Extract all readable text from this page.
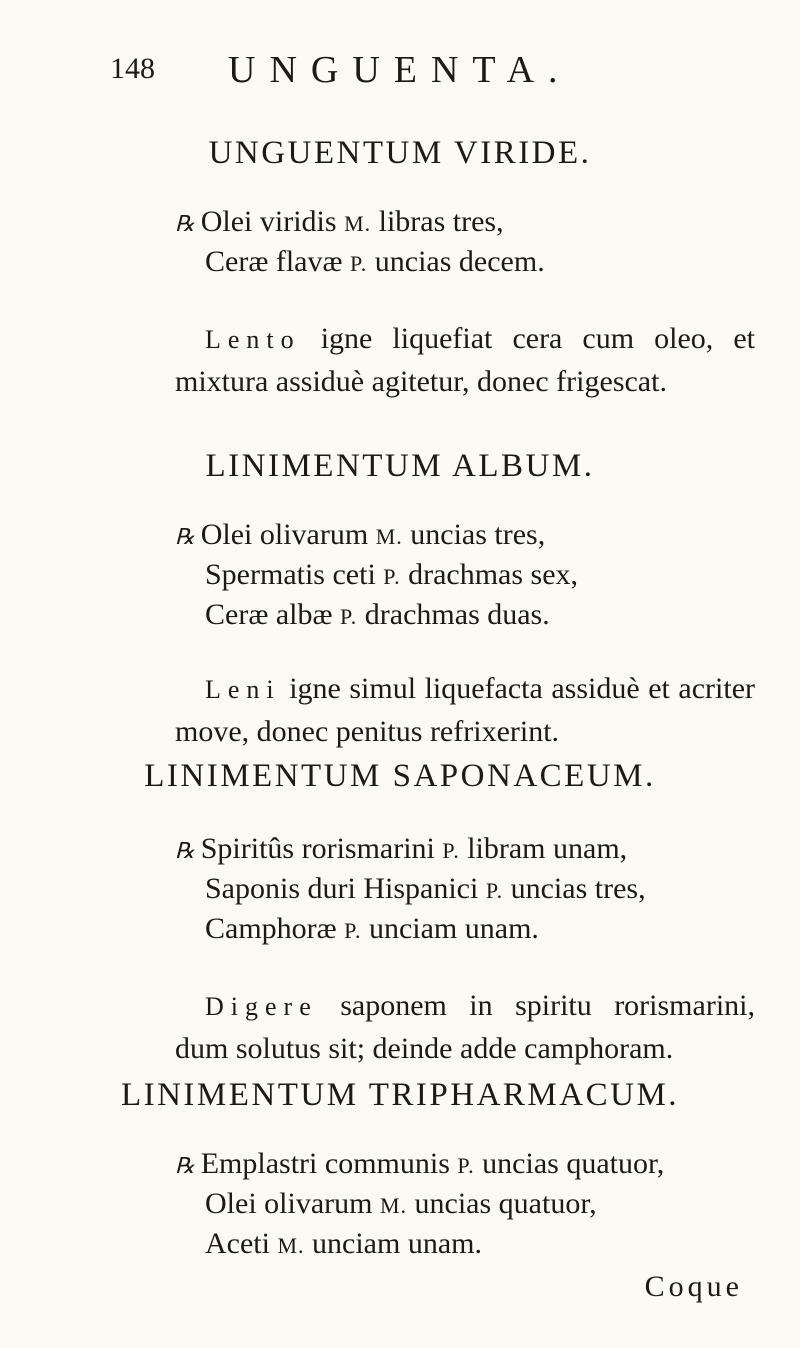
148 UNGUENTA.
UNGUENTUM VIRIDE.
℞ Olei viridis M. libras tres,
Ceræ flavæ P. uncias decem.
Lento igne liquefiat cera cum oleo, et mixtura assiduè agitetur, donec frigescat.
LINIMENTUM ALBUM.
℞ Olei olivarum M. uncias tres,
Spermatis ceti P. drachmas sex,
Ceræ albæ P. drachmas duas.
Leni igne simul liquefacta assiduè et acriter move, donec penitus refrixerint.
LINIMENTUM SAPONACEUM.
℞ Spiritûs rorismarini P. libram unam,
Saponis duri Hispanici P. uncias tres,
Camphoræ P. unciam unam.
Digere saponem in spiritu rorismarini, dum solutus sit; deinde adde camphoram.
LINIMENTUM TRIPHARMACUM.
℞ Emplastri communis P. uncias quatuor,
Olei olivarum M. uncias quatuor,
Aceti M. unciam unam.
Coque
